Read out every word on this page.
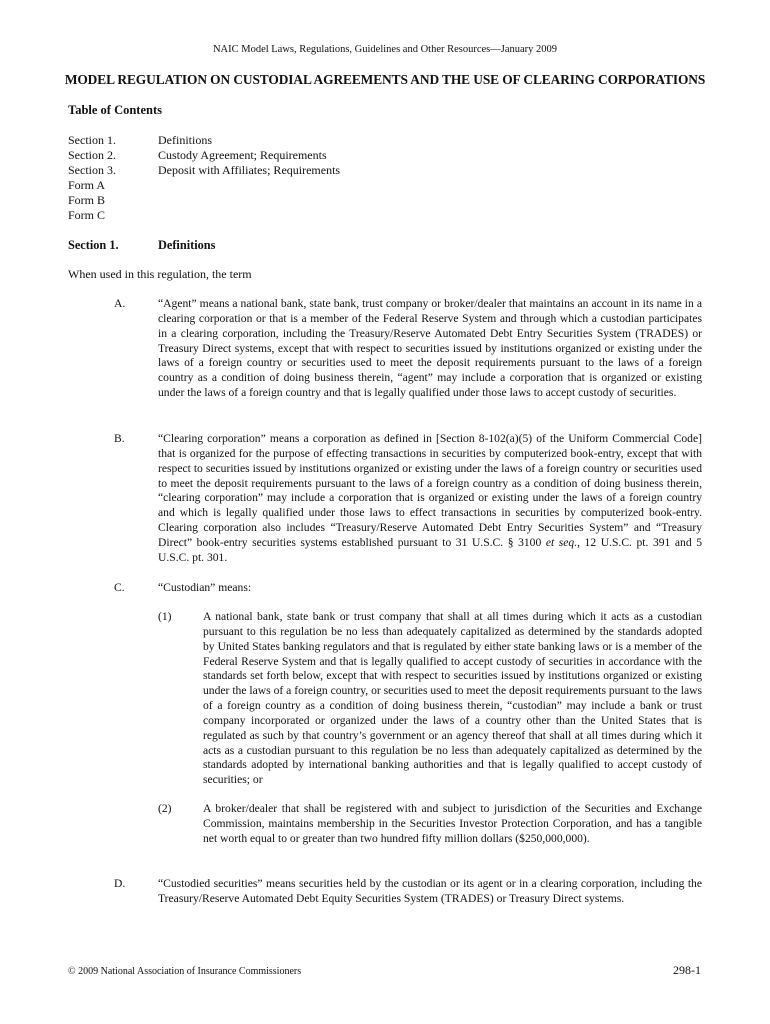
NAIC Model Laws, Regulations, Guidelines and Other Resources—January 2009
MODEL REGULATION ON CUSTODIAL AGREEMENTS AND THE USE OF CLEARING CORPORATIONS
Table of Contents
Section 1.	Definitions
Section 2.	Custody Agreement; Requirements
Section 3.	Deposit with Affiliates; Requirements
Form A
Form B
Form C
Section 1.	Definitions
When used in this regulation, the term
A.	“Agent” means a national bank, state bank, trust company or broker/dealer that maintains an account in its name in a clearing corporation or that is a member of the Federal Reserve System and through which a custodian participates in a clearing corporation, including the Treasury/Reserve Automated Debt Entry Securities System (TRADES) or Treasury Direct systems, except that with respect to securities issued by institutions organized or existing under the laws of a foreign country or securities used to meet the deposit requirements pursuant to the laws of a foreign country as a condition of doing business therein, “agent” may include a corporation that is organized or existing under the laws of a foreign country and that is legally qualified under those laws to accept custody of securities.
B.	“Clearing corporation” means a corporation as defined in [Section 8-102(a)(5) of the Uniform Commercial Code] that is organized for the purpose of effecting transactions in securities by computerized book-entry, except that with respect to securities issued by institutions organized or existing under the laws of a foreign country or securities used to meet the deposit requirements pursuant to the laws of a foreign country as a condition of doing business therein, “clearing corporation” may include a corporation that is organized or existing under the laws of a foreign country and which is legally qualified under those laws to effect transactions in securities by computerized book-entry. Clearing corporation also includes “Treasury/Reserve Automated Debt Entry Securities System” and “Treasury Direct” book-entry securities systems established pursuant to 31 U.S.C. § 3100 et seq., 12 U.S.C. pt. 391 and 5 U.S.C. pt. 301.
C.	“Custodian” means:
(1)	A national bank, state bank or trust company that shall at all times during which it acts as a custodian pursuant to this regulation be no less than adequately capitalized as determined by the standards adopted by United States banking regulators and that is regulated by either state banking laws or is a member of the Federal Reserve System and that is legally qualified to accept custody of securities in accordance with the standards set forth below, except that with respect to securities issued by institutions organized or existing under the laws of a foreign country, or securities used to meet the deposit requirements pursuant to the laws of a foreign country as a condition of doing business therein, “custodian” may include a bank or trust company incorporated or organized under the laws of a country other than the United States that is regulated as such by that country’s government or an agency thereof that shall at all times during which it acts as a custodian pursuant to this regulation be no less than adequately capitalized as determined by the standards adopted by international banking authorities and that is legally qualified to accept custody of securities; or
(2)	A broker/dealer that shall be registered with and subject to jurisdiction of the Securities and Exchange Commission, maintains membership in the Securities Investor Protection Corporation, and has a tangible net worth equal to or greater than two hundred fifty million dollars ($250,000,000).
D.	“Custodied securities” means securities held by the custodian or its agent or in a clearing corporation, including the Treasury/Reserve Automated Debt Equity Securities System (TRADES) or Treasury Direct systems.
© 2009 National Association of Insurance Commissioners	298-1
